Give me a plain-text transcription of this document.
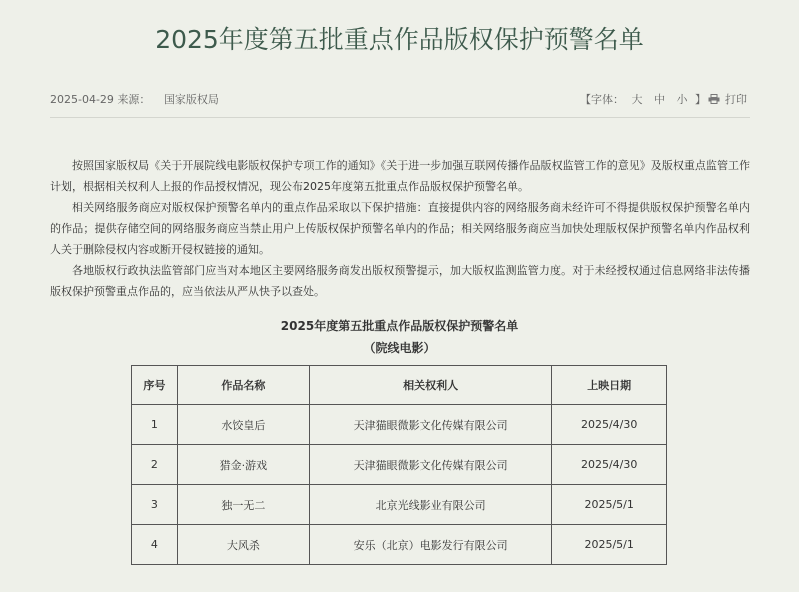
2025年度第五批重点作品版权保护预警名单
2025-04-29 来源： 国家版权局	【字体： 大 中 小 】	打印

按照国家版权局《关于开展院线电影版权保护专项工作的通知》《关于进一步加强互联网传播作品版权监管工作的意见》及版权重点监管工作计划，根据相关权利人上报的作品授权情况，现公布2025年度第五批重点作品版权保护预警名单。

相关网络服务商应对版权保护预警名单内的重点作品采取以下保护措施：直接提供内容的网络服务商未经许可不得提供版权保护预警名单内的作品；提供存储空间的网络服务商应当禁止用户上传版权保护预警名单内的作品；相关网络服务商应当加快处理版权保护预警名单内作品权利人关于删除侵权内容或断开侵权链接的通知。

各地版权行政执法监管部门应当对本地区主要网络服务商发出版权预警提示，加大版权监测监管力度。对于未经授权通过信息网络非法传播版权保护预警重点作品的，应当依法从严从快予以查处。

2025年度第五批重点作品版权保护预警名单
（院线电影）
序号	作品名称	相关权利人	上映日期
1	水饺皇后	天津猫眼微影文化传媒有限公司	2025/4/30
2	猎金·游戏	天津猫眼微影文化传媒有限公司	2025/4/30
3	独一无二	北京光线影业有限公司	2025/5/1
4	大风杀	安乐（北京）电影发行有限公司	2025/5/1
